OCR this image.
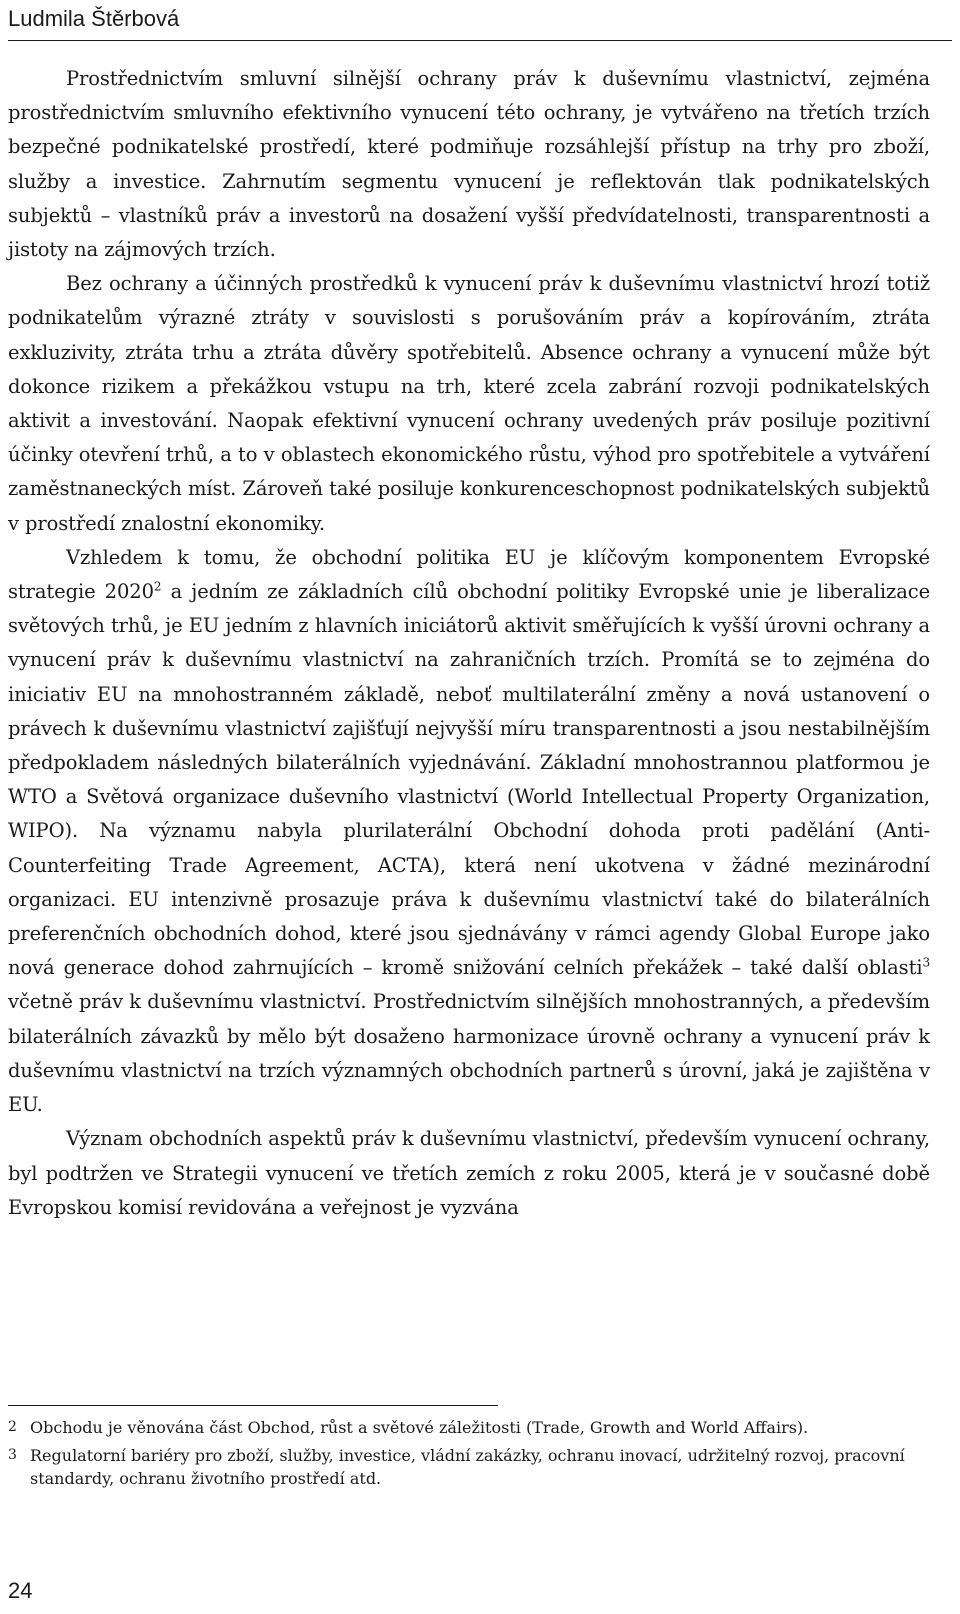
Ludmila Štěrbová

Prostřednictvím smluvní silnější ochrany práv k duševnímu vlastnictví, zejména prostřednictvím smluvního efektivního vynucení této ochrany, je vytvářeno na třetích trzích bezpečné podnikatelské prostředí, které podmiňuje rozsáhlejší přístup na trhy pro zboží, služby a investice. Zahrnutím segmentu vynucení je reflektován tlak podnikatelských subjektů – vlastníků práv a investorů na dosažení vyšší předvídatelnosti, transparentnosti a jistoty na zájmových trzích.

Bez ochrany a účinných prostředků k vynucení práv k duševnímu vlastnictví hrozí totiž podnikatelům výrazné ztráty v souvislosti s porušováním práv a kopírováním, ztráta exkluzivity, ztráta trhu a ztráta důvěry spotřebitelů. Absence ochrany a vynucení může být dokonce rizikem a překážkou vstupu na trh, které zcela zabrání rozvoji podnikatelských aktivit a investování. Naopak efektivní vynucení ochrany uvedených práv posiluje pozitivní účinky otevření trhů, a to v oblastech ekonomického růstu, výhod pro spotřebitele a vytváření zaměstnaneckých míst. Zároveň také posiluje konkurenceschopnost podnikatelských subjektů v prostředí znalostní ekonomiky.

Vzhledem k tomu, že obchodní politika EU je klíčovým komponentem Evropské strategie 2020$^2$ a jedním ze základních cílů obchodní politiky Evropské unie je liberalizace světových trhů, je EU jedním z hlavních iniciátorů aktivit směřujících k vyšší úrovni ochrany a vynucení práv k duševnímu vlastnictví na zahraničních trzích. Promítá se to zejména do iniciativ EU na mnohostranném základě, neboť multilaterální změny a nová ustanovení o právech k duševnímu vlastnictví zajišťují nejvyšší míru transparentnosti a jsou nestabilnějším předpokladem následných bilaterálních vyjednávání. Základní mnohostrannou platformou je WTO a Světová organizace duševního vlastnictví (World Intellectual Property Organization, WIPO). Na významu nabyla plurilaterální Obchodní dohoda proti padělání (Anti-Counterfeiting Trade Agreement, ACTA), která není ukotvena v žádné mezinárodní organizaci. EU intenzivně prosazuje práva k duševnímu vlastnictví také do bilaterálních preferenčních obchodních dohod, které jsou sjednávány v rámci agendy Global Europe jako nová generace dohod zahrnujících – kromě snižování celních překážek – také další oblasti$^3$ včetně práv k duševnímu vlastnictví. Prostřednictvím silnějších mnohostranných, a především bilaterálních závazků by mělo být dosaženo harmonizace úrovně ochrany a vynucení práv k duševnímu vlastnictví na trzích významných obchodních partnerů s úrovní, jaká je zajištěna v EU.

Význam obchodních aspektů práv k duševnímu vlastnictví, především vynucení ochrany, byl podtržen ve Strategii vynucení ve třetích zemích z roku 2005, která je v současné době Evropskou komisí revidována a veřejnost je vyzvána

2 Obchodu je věnována část Obchod, růst a světové záležitosti (Trade, Growth and World Affairs).
3 Regulatorní bariéry pro zboží, služby, investice, vládní zakázky, ochranu inovací, udržitelný rozvoj, pracovní standardy, ochranu životního prostředí atd.
24
